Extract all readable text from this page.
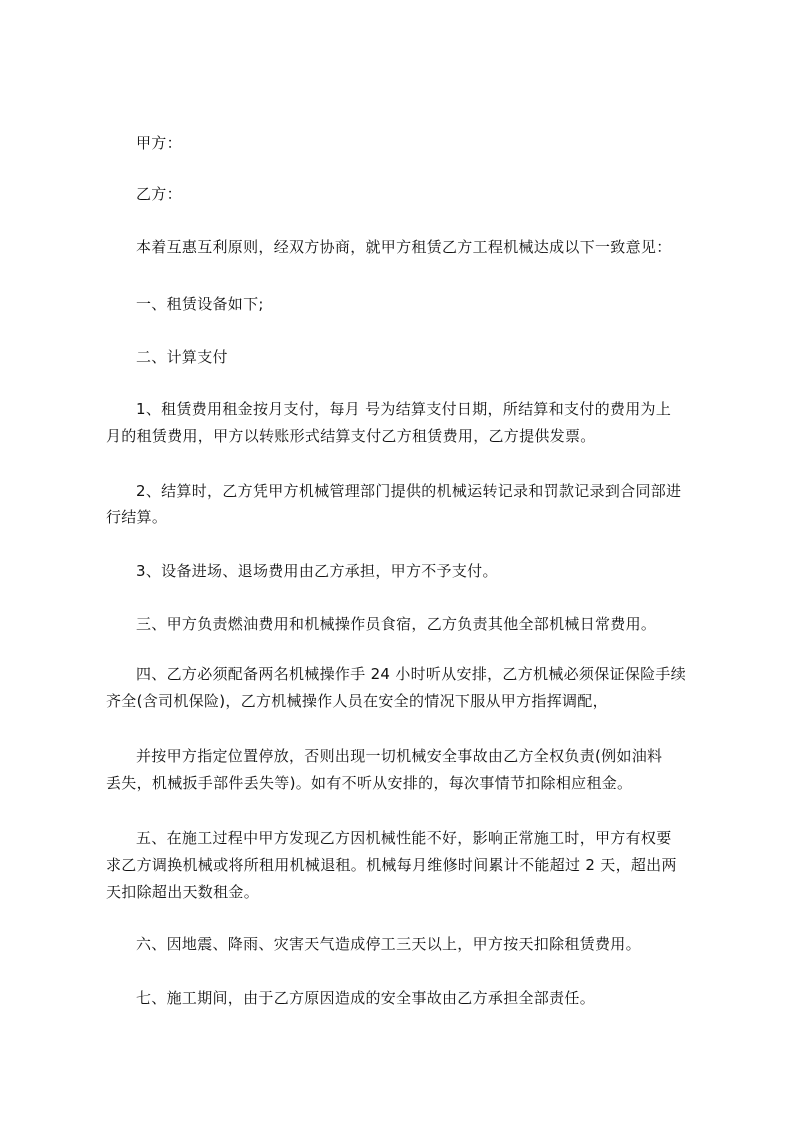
甲方：

乙方：

本着互惠互利原则，经双方协商，就甲方租赁乙方工程机械达成以下一致意见：

一、租赁设备如下;

二、计算支付

1、租赁费用租金按月支付，每月 号为结算支付日期，所结算和支付的费用为上

月的租赁费用，甲方以转账形式结算支付乙方租赁费用，乙方提供发票。

2、结算时，乙方凭甲方机械管理部门提供的机械运转记录和罚款记录到合同部进

行结算。

3、设备进场、退场费用由乙方承担，甲方不予支付。

三、甲方负责燃油费用和机械操作员食宿，乙方负责其他全部机械日常费用。

四、乙方必须配备两名机械操作手 24 小时听从安排，乙方机械必须保证保险手续

齐全(含司机保险)，乙方机械操作人员在安全的情况下服从甲方指挥调配，

并按甲方指定位置停放，否则出现一切机械安全事故由乙方全权负责(例如油料

丢失，机械扳手部件丢失等)。如有不听从安排的，每次事情节扣除相应租金。

五、在施工过程中甲方发现乙方因机械性能不好，影响正常施工时，甲方有权要

求乙方调换机械或将所租用机械退租。机械每月维修时间累计不能超过 2 天，超出两

天扣除超出天数租金。

六、因地震、降雨、灾害天气造成停工三天以上，甲方按天扣除租赁费用。

七、施工期间，由于乙方原因造成的安全事故由乙方承担全部责任。
